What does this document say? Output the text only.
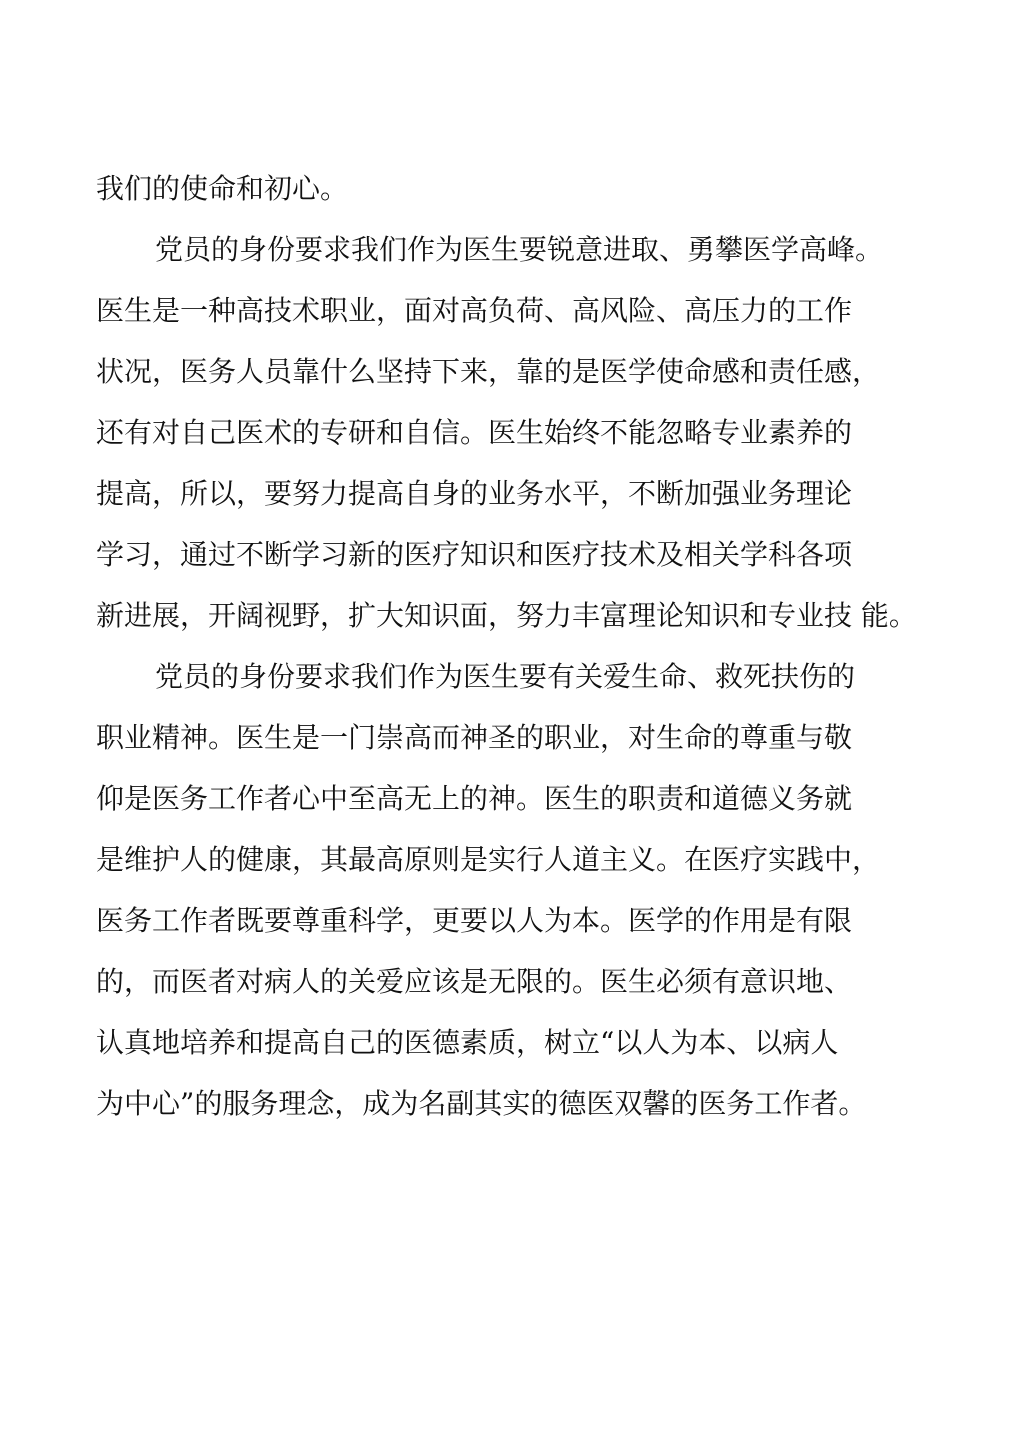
我们的使命和初心。
党员的身份要求我们作为医生要锐意进取、勇攀医学高峰。
医生是一种高技术职业，面对高负荷、高风险、高压力的工作
状况，医务人员靠什么坚持下来，靠的是医学使命感和责任感，
还有对自己医术的专研和自信。医生始终不能忽略专业素养的
提高，所以，要努力提高自身的业务水平，不断加强业务理论
学习，通过不断学习新的医疗知识和医疗技术及相关学科各项
新进展，开阔视野，扩大知识面，努力丰富理论知识和专业技 能。
党员的身份要求我们作为医生要有关爱生命、救死扶伤的
职业精神。医生是一门崇高而神圣的职业，对生命的尊重与敬
仰是医务工作者心中至高无上的神。医生的职责和道德义务就
是维护人的健康，其最高原则是实行人道主义。在医疗实践中，
医务工作者既要尊重科学，更要以人为本。医学的作用是有限
的，而医者对病人的关爱应该是无限的。医生必须有意识地、
认真地培养和提高自己的医德素质，树立“以人为本、以病人
为中心”的服务理念，成为名副其实的德医双馨的医务工作者。
